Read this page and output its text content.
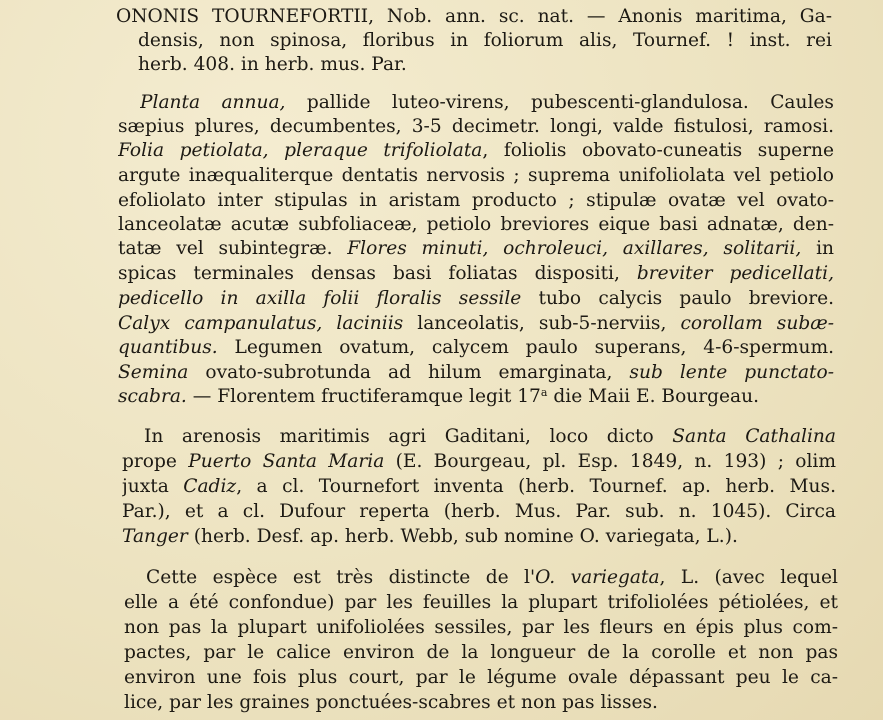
ONONIS TOURNEFORTII, Nob. ann. sc. nat. — Anonis maritima, Ga-
densis, non spinosa, floribus in foliorum alis, Tournef. ! inst. rei
herb. 408. in herb. mus. Par.
Planta annua, pallide luteo-virens, pubescenti-glandulosa. Caules
sæpius plures, decumbentes, 3-5 decimetr. longi, valde fistulosi, ramosi.
Folia petiolata, pleraque trifoliolata, foliolis obovato-cuneatis superne
argute inæqualiterque dentatis nervosis ; suprema unifoliolata vel petiolo
efoliolato inter stipulas in aristam producto ; stipulæ ovatæ vel ovato-
lanceolatæ acutæ subfoliaceæ, petiolo breviores eique basi adnatæ, den-
tatæ vel subintegræ. Flores minuti, ochroleuci, axillares, solitarii, in
spicas terminales densas basi foliatas dispositi, breviter pedicellati,
pedicello in axilla folii floralis sessile tubo calycis paulo breviore.
Calyx campanulatus, laciniis lanceolatis, sub-5-nerviis, corollam subæ-
quantibus. Legumen ovatum, calycem paulo superans, 4-6-spermum.
Semina ovato-subrotunda ad hilum emarginata, sub lente punctato-
scabra. — Florentem fructiferamque legit 17$^a$ die Maii E. Bourgeau.
In arenosis maritimis agri Gaditani, loco dicto Santa Cathalina
prope Puerto Santa Maria (E. Bourgeau, pl. Esp. 1849, n. 193) ; olim
juxta Cadiz, a cl. Tournefort inventa (herb. Tournef. ap. herb. Mus.
Par.), et a cl. Dufour reperta (herb. Mus. Par. sub. n. 1045). Circa
Tanger (herb. Desf. ap. herb. Webb, sub nomine O. variegata, L.).
Cette espèce est très distincte de l'O. variegata, L. (avec lequel
elle a été confondue) par les feuilles la plupart trifoliolées pétiolées, et
non pas la plupart unifoliolées sessiles, par les fleurs en épis plus com-
pactes, par le calice environ de la longueur de la corolle et non pas
environ une fois plus court, par le légume ovale dépassant peu le ca-
lice, par les graines ponctuées-scabres et non pas lisses.
